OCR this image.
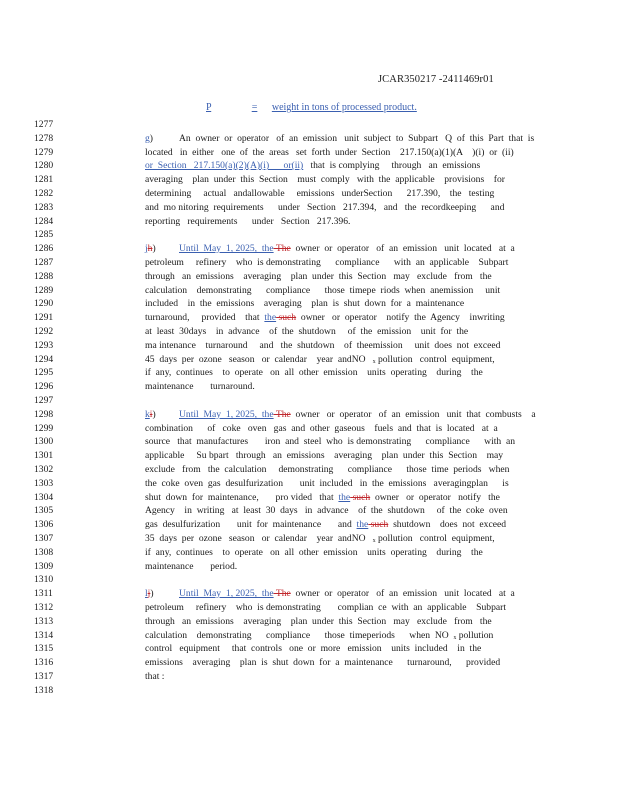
JCAR350217 -2411469r01
P	= weight in tons of processed product.
1277
1278	g)	An  owner  or  operator   of  an  emission   unit  subject  to  Subpart   Q  of  this  Part  that  is
1279	located   in  either   one  of  the  areas   set  forth  under  Section    217.150(a)(1)(A    )(i)  or  (ii)
1280	or  Section   217.150(a)(2)(A)(i)      or(ii)   that  is complying     through   an  emissions
1281	averaging    plan  under  this  Section    must  comply   with  the  applicable    provisions    for
1282	determining     actual   andallowable     emissions   underSection      217.390,    the   testing
1283	and  mo nitoring  requirements      under   Section   217.394,   and   the  recordkeeping      and
1284	reporting   requirements      under   Section   217.396.
1285
1286	jh) Until  May  1, 2025,  the The  owner  or  operator   of  an  emission   unit  located   at  a
1287	petroleum     refinery    who  is demonstrating      compliance      with  an  applicable    Subpart
1288	through   an  emissions    averaging    plan  under  this  Section   may   exclude   from   the
1289	calculation    demonstrating      compliance      those  timepe  riods  when  anemission     unit
1290	included    in  the  emissions    averaging    plan  is  shut  down  for  a  maintenance
1291	turnaround,     provided    that  the such  owner   or  operator    notify  the  Agency    inwriting
1292	at  least  30days    in  advance    of  the  shutdown     of  the  emission    unit  for  the
1293	ma intenance    turnaround     and   the  shutdown    of  theemission     unit  does  not  exceed
1294	45  days  per  ozone   season   or  calendar    year  andNO   ₓ pollution   control  equipment,
1295	if  any,  continues    to  operate   on  all  other  emission    units  operating    during    the
1296	maintenance       turnaround.
1297
1298	ki) Until  May  1, 2025,  the The  owner   or  operator   of  an  emission   unit  that  combusts    a
1299	combination      of   coke   oven   gas  and  other  gaseous    fuels  and  that  is  located   at  a
1300	source   that  manufactures       iron  and  steel  who  is demonstrating      compliance      with  an
1301	applicable     Su bpart   through   an  emissions    averaging    plan  under  this  Section    may
1302	exclude   from   the  calculation     demonstrating      compliance      those  time  periods   when
1303	the  coke  oven  gas  desulfurization       unit  included   in  the  emissions   averagingplan      is
1304	shut  down  for  maintenance,       pro vided   that  the such  owner   or  operator   notify   the
1305	Agency    in  writing   at  least  30  days   in  advance    of  the  shutdown     of  the  coke  oven
1306	gas  desulfurization       unit  for  maintenance       and  the such  shutdown    does  not  exceed
1307	35  days  per  ozone   season   or  calendar    year  andNO   ₓ pollution   control  equipment,
1308	if  any,  continues    to  operate   on  all  other  emission    units  operating    during    the
1309	maintenance       period.
1310
1311	lj)	Until  May  1, 2025,  the The  owner  or  operator   of  an  emission   unit  located   at  a
1312	petroleum     refinery    who  is demonstrating       complian  ce  with  an  applicable    Subpart
1313	through   an  emissions    averaging    plan  under  this  Section   may   exclude   from   the
1314	calculation    demonstrating      compliance      those  timeperiods      when  NO  ₓ pollution
1315	control   equipment     that  controls   one  or  more   emission    units  included    in  the
1316	emissions    averaging    plan  is  shut  down  for  a  maintenance      turnaround,      provided
1317	that :
1318
